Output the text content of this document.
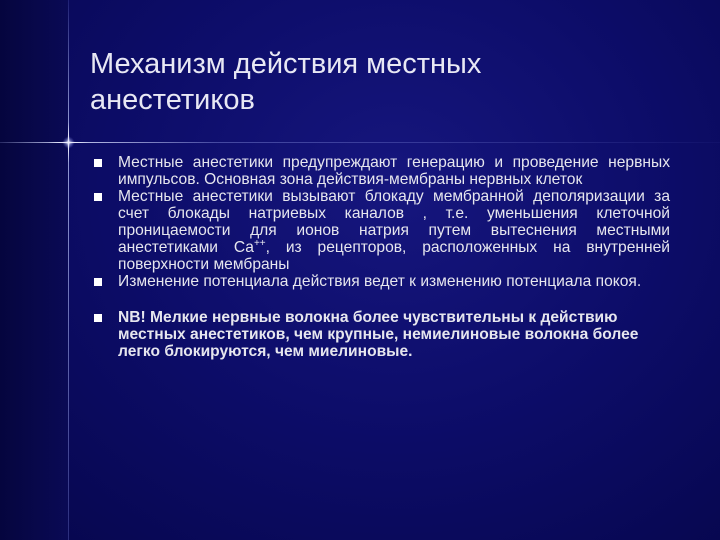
Механизм действия местных анестетиков
Местные анестетики предупреждают генерацию и проведение нервных импульсов. Основная зона действия-мембраны нервных клеток
Местные анестетики вызывают блокаду мембранной деполяризации за счет блокады натриевых каналов , т.е. уменьшения клеточной проницаемости для ионов натрия путем вытеснения местными анестетиками Са++, из рецепторов, расположенных на внутренней поверхности мембраны
Изменение потенциала действия ведет к изменению потенциала покоя.
NB! Мелкие нервные волокна более чувствительны к действию местных анестетиков, чем крупные, немиелиновые волокна более легко блокируются, чем миелиновые.
